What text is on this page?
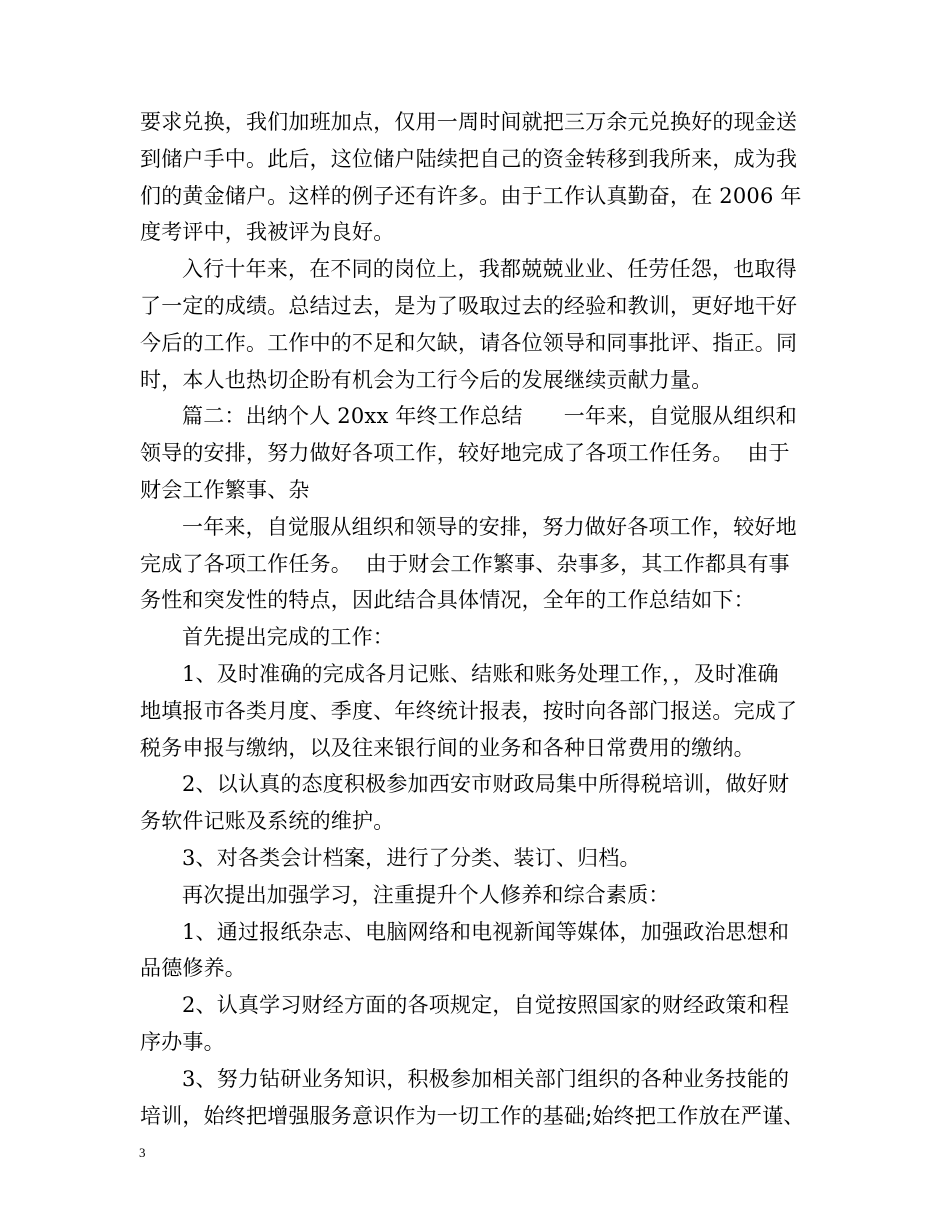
要求兑换，我们加班加点，仅用一周时间就把三万余元兑换好的现金送
到储户手中。此后，这位储户陆续把自己的资金转移到我所来，成为我
们的黄金储户。这样的例子还有许多。由于工作认真勤奋，在 2006 年
度考评中，我被评为良好。
入行十年来，在不同的岗位上，我都兢兢业业、任劳任怨，也取得
了一定的成绩。总结过去，是为了吸取过去的经验和教训，更好地干好
今后的工作。工作中的不足和欠缺，请各位领导和同事批评、指正。同
时，本人也热切企盼有机会为工行今后的发展继续贡献力量。
篇二：出纳个人 20xx 年终工作总结      一年来，自觉服从组织和
领导的安排，努力做好各项工作，较好地完成了各项工作任务。  由于
财会工作繁事、杂
一年来，自觉服从组织和领导的安排，努力做好各项工作，较好地
完成了各项工作任务。  由于财会工作繁事、杂事多，其工作都具有事
务性和突发性的特点，因此结合具体情况，全年的工作总结如下：
首先提出完成的工作：
1、及时准确的完成各月记账、结账和账务处理工作，，及时准确
地填报市各类月度、季度、年终统计报表，按时向各部门报送。完成了
税务申报与缴纳，以及往来银行间的业务和各种日常费用的缴纳。
2、以认真的态度积极参加西安市财政局集中所得税培训，做好财
务软件记账及系统的维护。
3、对各类会计档案，进行了分类、装订、归档。
再次提出加强学习，注重提升个人修养和综合素质：
1、通过报纸杂志、电脑网络和电视新闻等媒体，加强政治思想和
品德修养。
2、认真学习财经方面的各项规定，自觉按照国家的财经政策和程
序办事。
3、努力钻研业务知识，积极参加相关部门组织的各种业务技能的
培训，始终把增强服务意识作为一切工作的基础;始终把工作放在严谨、
3
